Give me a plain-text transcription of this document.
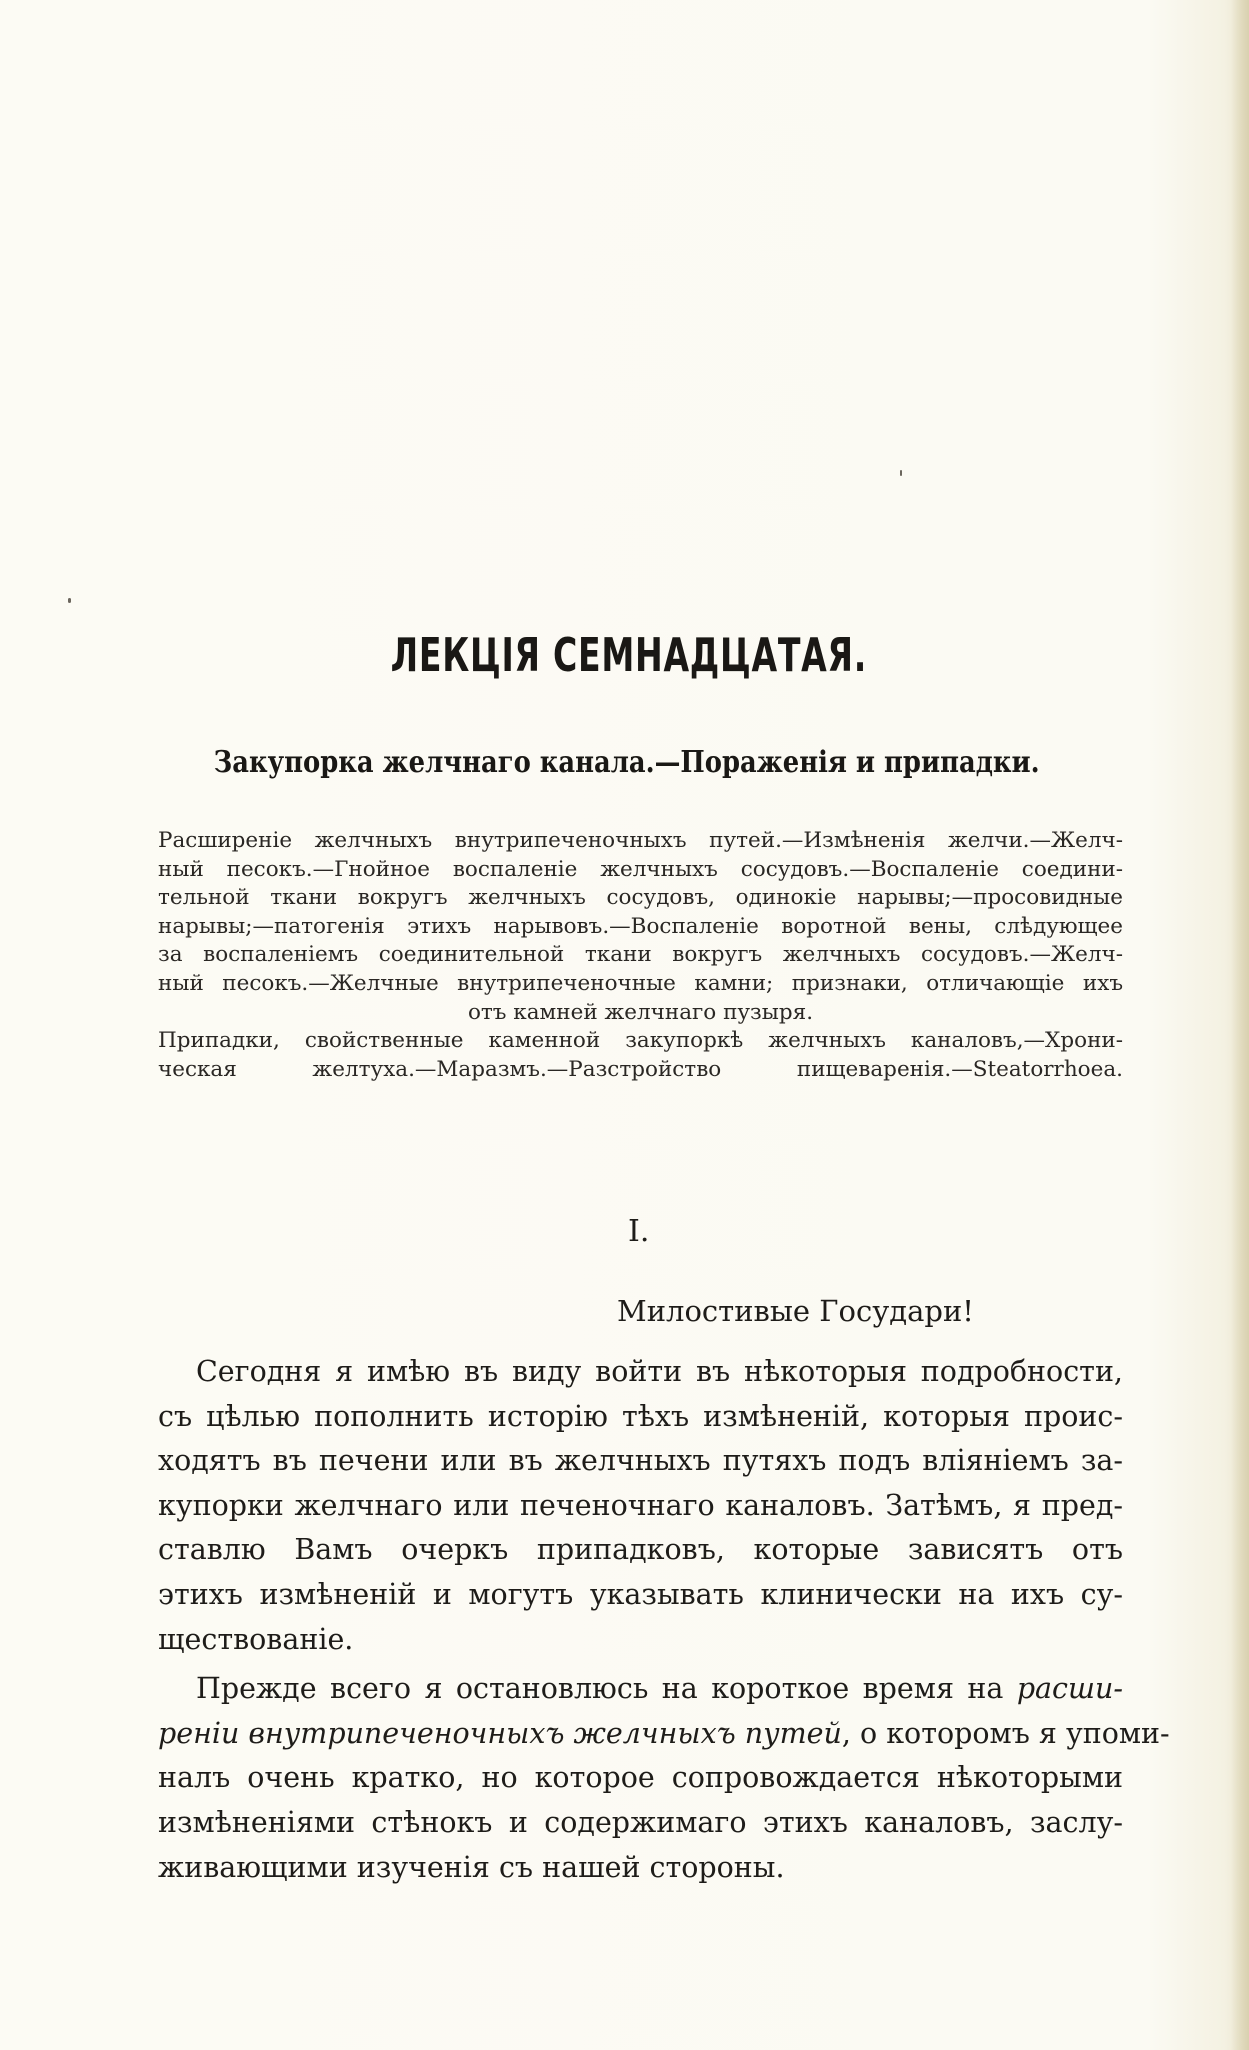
ЛЕКЦІЯ СЕМНАДЦАТАЯ.
Закупорка желчнаго канала.—Пораженія и припадки.
Расширеніе желчныхъ внутрипеченочныхъ путей.—Измѣненія желчи.—Желч-
ный песокъ.—Гнойное воспаленіе желчныхъ сосудовъ.—Воспаленіе соедини-
тельной ткани вокругъ желчныхъ сосудовъ, одинокіе нарывы;—просовидные
нарывы;—патогенія этихъ нарывовъ.—Воспаленіе воротной вены, слѣдующее
за воспаленіемъ соединительной ткани вокругъ желчныхъ сосудовъ.—Желч-
ный песокъ.—Желчные внутрипеченочные камни; признаки, отличающіе ихъ
отъ камней желчнаго пузыря.
Припадки, свойственные каменной закупоркѣ желчныхъ каналовъ,—Хрони-
ческая желтуха.—Маразмъ.—Разстройство пищеваренія.—Steatorrhoea.
I.
Милостивые Государи!
Сегодня я имѣю въ виду войти въ нѣкоторыя подробности,
съ цѣлью пополнить исторію тѣхъ измѣненій, которыя проис-
ходятъ въ печени или въ желчныхъ путяхъ подъ вліяніемъ за-
купорки желчнаго или печеночнаго каналовъ. Затѣмъ, я пред-
ставлю Вамъ очеркъ припадковъ, которые зависятъ отъ
этихъ измѣненій и могутъ указывать клинически на ихъ су-
ществованіе.
Прежде всего я остановлюсь на короткое время на расши-
реніи внутрипеченочныхъ желчныхъ путей, о которомъ я упоми-
налъ очень кратко, но которое сопровождается нѣкоторыми
измѣненіями стѣнокъ и содержимаго этихъ каналовъ, заслу-
живающими изученія съ нашей стороны.
